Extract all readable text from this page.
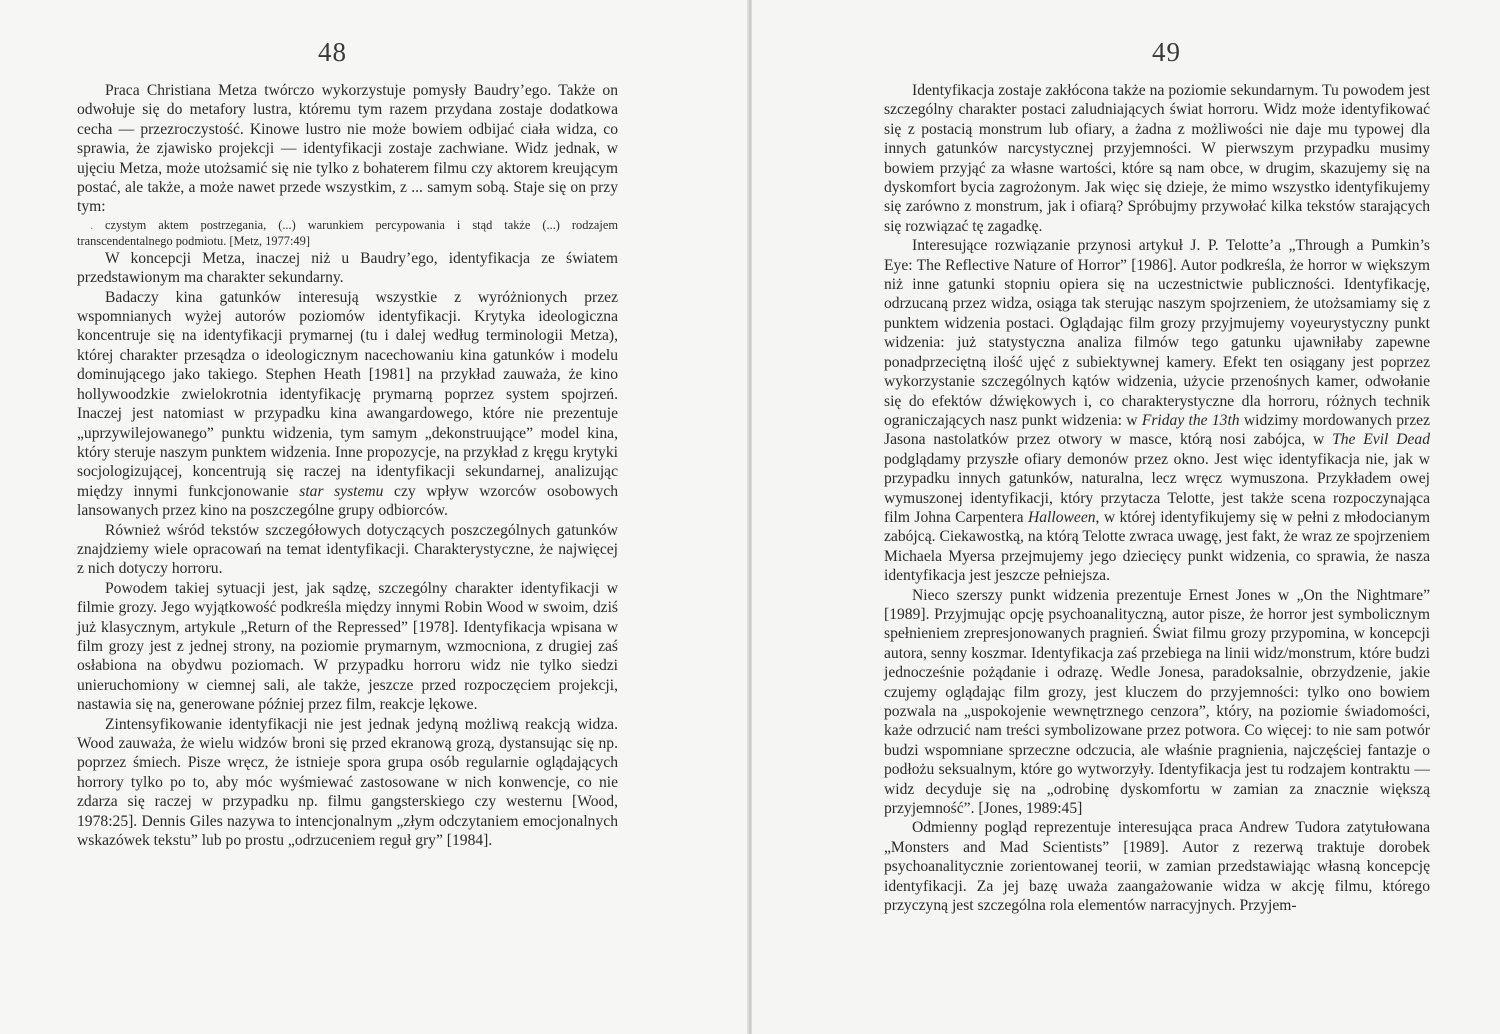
48
·

Praca Christiana Metza twórczo wykorzystuje pomysły Baudry’ego. Także on odwołuje się do metafory lustra, któremu tym razem przydana zostaje dodatkowa cecha — przezroczystość. Kinowe lustro nie może bowiem odbijać ciała widza, co sprawia, że zjawisko projekcji — identyfikacji zostaje zachwiane. Widz jednak, w ujęciu Metza, może utożsamić się nie tylko z bohaterem filmu czy aktorem kreującym postać, ale także, a może nawet przede wszystkim, z ... samym sobą. Staje się on przy tym:

czystym aktem postrzegania, (...) warunkiem percypowania i stąd także (...) rodzajem transcendentalnego podmiotu. [Metz, 1977:49]

W koncepcji Metza, inaczej niż u Baudry’ego, identyfikacja ze światem przedstawionym ma charakter sekundarny.

Badaczy kina gatunków interesują wszystkie z wyróżnionych przez wspomnianych wyżej autorów poziomów identyfikacji. Krytyka ideologiczna koncentruje się na identyfikacji prymarnej (tu i dalej według terminologii Metza), której charakter przesądza o ideologicznym nacechowaniu kina gatunków i modelu dominującego jako takiego. Stephen Heath [1981] na przykład zauważa, że kino hollywoodzkie zwielokrotnia identyfikację prymarną poprzez system spojrzeń. Inaczej jest natomiast w przypadku kina awangardowego, które nie prezentuje „uprzywilejowanego” punktu widzenia, tym samym „dekonstruujące” model kina, który steruje naszym punktem widzenia. Inne propozycje, na przykład z kręgu krytyki socjologizującej, koncentrują się raczej na identyfikacji sekundarnej, analizując między innymi funkcjonowanie star systemu czy wpływ wzorców osobowych lansowanych przez kino na poszczególne grupy odbiorców.

Również wśród tekstów szczegółowych dotyczących poszczególnych gatunków znajdziemy wiele opracowań na temat identyfikacji. Charakterystyczne, że najwięcej z nich dotyczy horroru.

Powodem takiej sytuacji jest, jak sądzę, szczególny charakter identyfikacji w filmie grozy. Jego wyjątkowość podkreśla między innymi Robin Wood w swoim, dziś już klasycznym, artykule „Return of the Repressed” [1978]. Identyfikacja wpisana w film grozy jest z jednej strony, na poziomie prymarnym, wzmocniona, z drugiej zaś osłabiona na obydwu poziomach. W przypadku horroru widz nie tylko siedzi unieruchomiony w ciemnej sali, ale także, jeszcze przed rozpoczęciem projekcji, nastawia się na, generowane później przez film, reakcje lękowe.

Zintensyfikowanie identyfikacji nie jest jednak jedyną możliwą reakcją widza. Wood zauważa, że wielu widzów broni się przed ekranową grozą, dystansując się np. poprzez śmiech. Pisze wręcz, że istnieje spora grupa osób regularnie oglądających horrory tylko po to, aby móc wyśmiewać zastosowane w nich konwencje, co nie zdarza się raczej w przypadku np. filmu gangsterskiego czy westernu [Wood, 1978:25]. Dennis Giles nazywa to intencjonalnym „złym odczytaniem emocjonalnych wskazówek tekstu” lub po prostu „odrzuceniem reguł gry” [1984].

49

Identyfikacja zostaje zakłócona także na poziomie sekundarnym. Tu powodem jest szczególny charakter postaci zaludniających świat horroru. Widz może identyfikować się z postacią monstrum lub ofiary, a żadna z możliwości nie daje mu typowej dla innych gatunków narcystycznej przyjemności. W pierwszym przypadku musimy bowiem przyjąć za własne wartości, które są nam obce, w drugim, skazujemy się na dyskomfort bycia zagrożonym. Jak więc się dzieje, że mimo wszystko identyfikujemy się zarówno z monstrum, jak i ofiarą? Spróbujmy przywołać kilka tekstów starających się rozwiązać tę zagadkę.

Interesujące rozwiązanie przynosi artykuł J. P. Telotte’a „Through a Pumkin’s Eye: The Reflective Nature of Horror” [1986]. Autor podkreśla, że horror w większym niż inne gatunki stopniu opiera się na uczestnictwie publiczności. Identyfikację, odrzucaną przez widza, osiąga tak sterując naszym spojrzeniem, że utożsamiamy się z punktem widzenia postaci. Oglądając film grozy przyjmujemy voyeurystyczny punkt widzenia: już statystyczna analiza filmów tego gatunku ujawniłaby zapewne ponadprzeciętną ilość ujęć z subiektywnej kamery. Efekt ten osiągany jest poprzez wykorzystanie szczególnych kątów widzenia, użycie przenośnych kamer, odwołanie się do efektów dźwiękowych i, co charakterystyczne dla horroru, różnych technik ograniczających nasz punkt widzenia: w Friday the 13th widzimy mordowanych przez Jasona nastolatków przez otwory w masce, którą nosi zabójca, w The Evil Dead podglądamy przyszłe ofiary demonów przez okno. Jest więc identyfikacja nie, jak w przypadku innych gatunków, naturalna, lecz wręcz wymuszona. Przykładem owej wymuszonej identyfikacji, który przytacza Telotte, jest także scena rozpoczynająca film Johna Carpentera Halloween, w której identyfikujemy się w pełni z młodocianym zabójcą. Ciekawostką, na którą Telotte zwraca uwagę, jest fakt, że wraz ze spojrzeniem Michaela Myersa przejmujemy jego dziecięcy punkt widzenia, co sprawia, że nasza identyfikacja jest jeszcze pełniejsza.

Nieco szerszy punkt widzenia prezentuje Ernest Jones w „On the Nightmare” [1989]. Przyjmując opcję psychoanalityczną, autor pisze, że horror jest symbolicznym spełnieniem zrepresjonowanych pragnień. Świat filmu grozy przypomina, w koncepcji autora, senny koszmar. Identyfikacja zaś przebiega na linii widz/monstrum, które budzi jednocześnie pożądanie i odrazę. Wedle Jonesa, paradoksalnie, obrzydzenie, jakie czujemy oglądając film grozy, jest kluczem do przyjemności: tylko ono bowiem pozwala na „uspokojenie wewnętrznego cenzora”, który, na poziomie świadomości, każe odrzucić nam treści symbolizowane przez potwora. Co więcej: to nie sam potwór budzi wspomniane sprzeczne odczucia, ale właśnie pragnienia, najczęściej fantazje o podłożu seksualnym, które go wytworzyły. Identyfikacja jest tu rodzajem kontraktu — widz decyduje się na „odrobinę dyskomfortu w zamian za znacznie większą przyjemność”. [Jones, 1989:45]

Odmienny pogląd reprezentuje interesująca praca Andrew Tudora zatytułowana „Monsters and Mad Scientists” [1989]. Autor z rezerwą traktuje dorobek psychoanalitycznie zorientowanej teorii, w zamian przedstawiając własną koncepcję identyfikacji. Za jej bazę uważa zaangażowanie widza w akcję filmu, którego przyczyną jest szczególna rola elementów narracyjnych. Przyjem-
